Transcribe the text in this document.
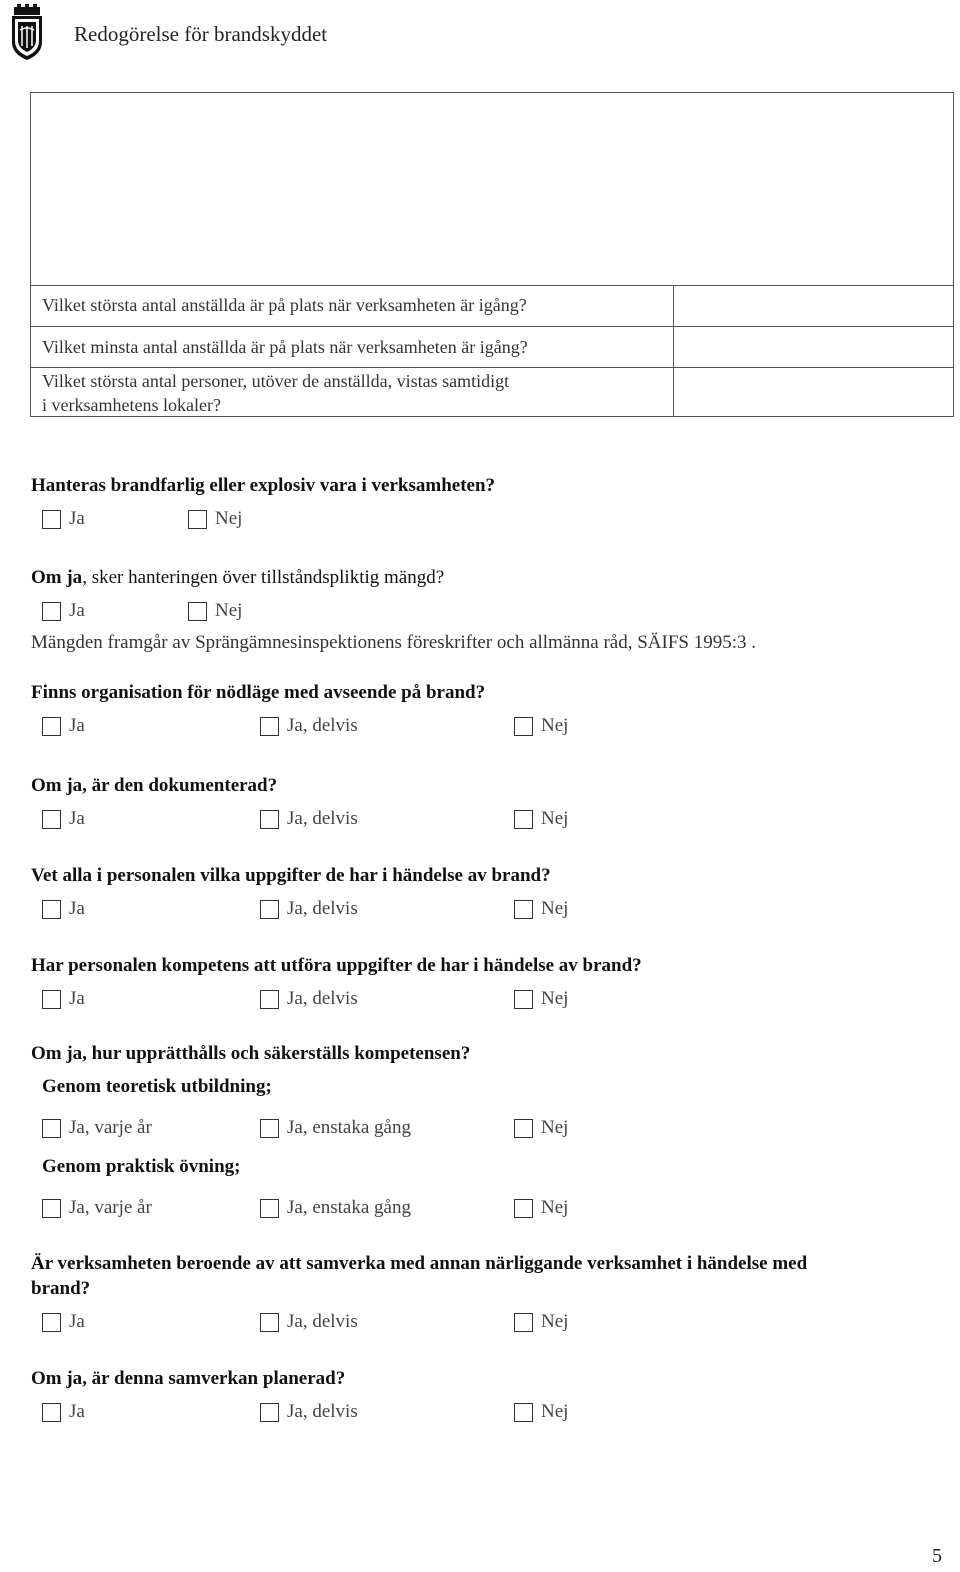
Redogörelse för brandskyddet
Vilket största antal anställda är på plats när verksamheten är igång?
Vilket minsta antal anställda är på plats när verksamheten är igång?
Vilket största antal personer, utöver de anställda, vistas samtidigt
i verksamhetens lokaler?
Hanteras brandfarlig eller explosiv vara i verksamheten?
Ja	Nej
Om ja, sker hanteringen över tillståndspliktig mängd?
Ja	Nej
Mängden framgår av Sprängämnesinspektionens föreskrifter och allmänna råd, SÄIFS 1995:3 .
Finns organisation för nödläge med avseende på brand?
Ja	Ja, delvis	Nej
Om ja, är den dokumenterad?
Ja	Ja, delvis	Nej
Vet alla i personalen vilka uppgifter de har i händelse av brand?
Ja	Ja, delvis	Nej
Har personalen kompetens att utföra uppgifter de har i händelse av brand?
Ja	Ja, delvis	Nej
Om ja, hur upprätthålls och säkerställs kompetensen?
Genom teoretisk utbildning;
Ja, varje år	Ja, enstaka gång	Nej
Genom praktisk övning;
Ja, varje år	Ja, enstaka gång	Nej
Är verksamheten beroende av att samverka med annan närliggande verksamhet i händelse med
brand?
Ja	Ja, delvis	Nej
Om ja, är denna samverkan planerad?
Ja	Ja, delvis	Nej
5
